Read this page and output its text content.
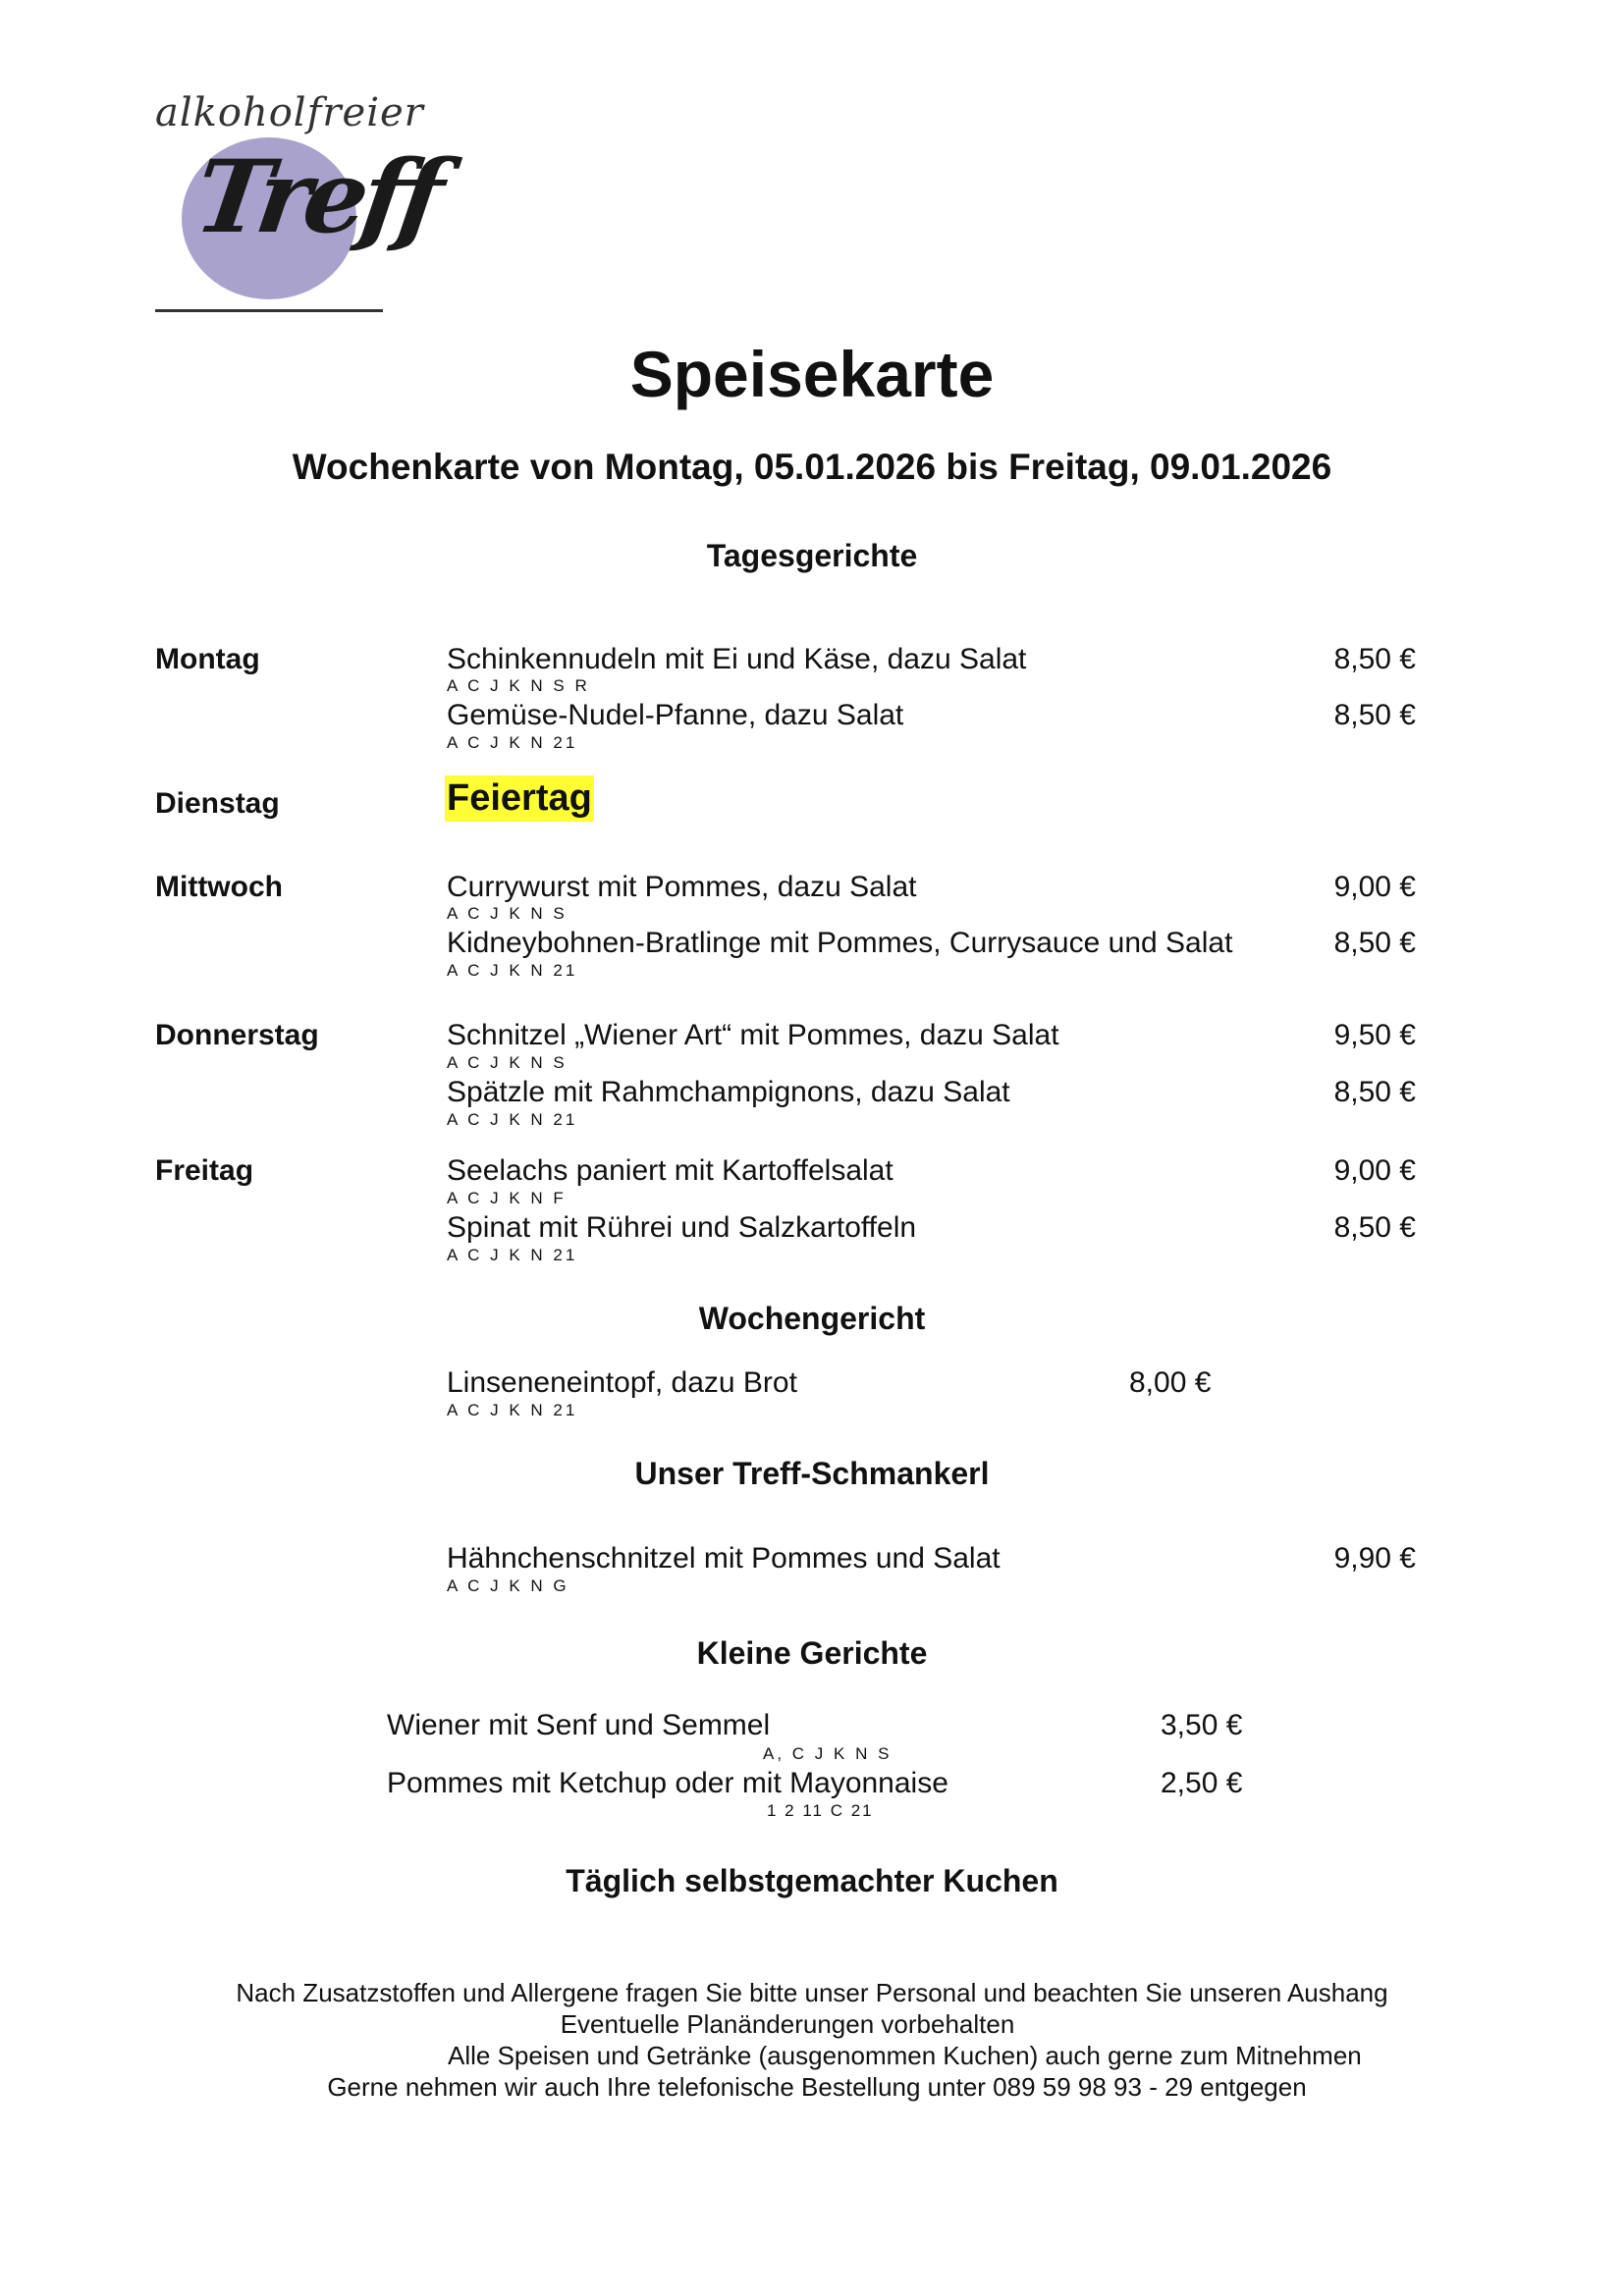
alkoholfreier
Treff
Speisekarte
Wochenkarte von Montag, 05.01.2026 bis Freitag, 09.01.2026
Tagesgerichte
Montag	Schinkennudeln mit Ei und Käse, dazu Salat	8,50 €
A C J K N S R
Gemüse-Nudel-Pfanne, dazu Salat	8,50 €
A C J K N 21
Dienstag	Feiertag
Mittwoch	Currywurst mit Pommes, dazu Salat	9,00 €
A C J K N S
Kidneybohnen-Bratlinge mit Pommes, Currysauce und Salat	8,50 €
A C J K N 21
Donnerstag	Schnitzel „Wiener Art“ mit Pommes, dazu Salat	9,50 €
A C J K N S
Spätzle mit Rahmchampignons, dazu Salat	8,50 €
A C J K N 21
Freitag	Seelachs paniert mit Kartoffelsalat	9,00 €
A C J K N F
Spinat mit Rührei und Salzkartoffeln	8,50 €
A C J K N 21
Wochengericht
Linseneneintopf, dazu Brot	8,00 €
A C J K N 21
Unser Treff-Schmankerl
Hähnchenschnitzel mit Pommes und Salat	9,90 €
A C J K N G
Kleine Gerichte
Wiener mit Senf und Semmel	3,50 €
A, C J K N S
Pommes mit Ketchup oder mit Mayonnaise	2,50 €
1 2 11 C 21
Täglich selbstgemachter Kuchen
Nach Zusatzstoffen und Allergene fragen Sie bitte unser Personal und beachten Sie unseren Aushang
Eventuelle Planänderungen vorbehalten
Alle Speisen und Getränke (ausgenommen Kuchen) auch gerne zum Mitnehmen
Gerne nehmen wir auch Ihre telefonische Bestellung unter 089 59 98 93 - 29 entgegen
